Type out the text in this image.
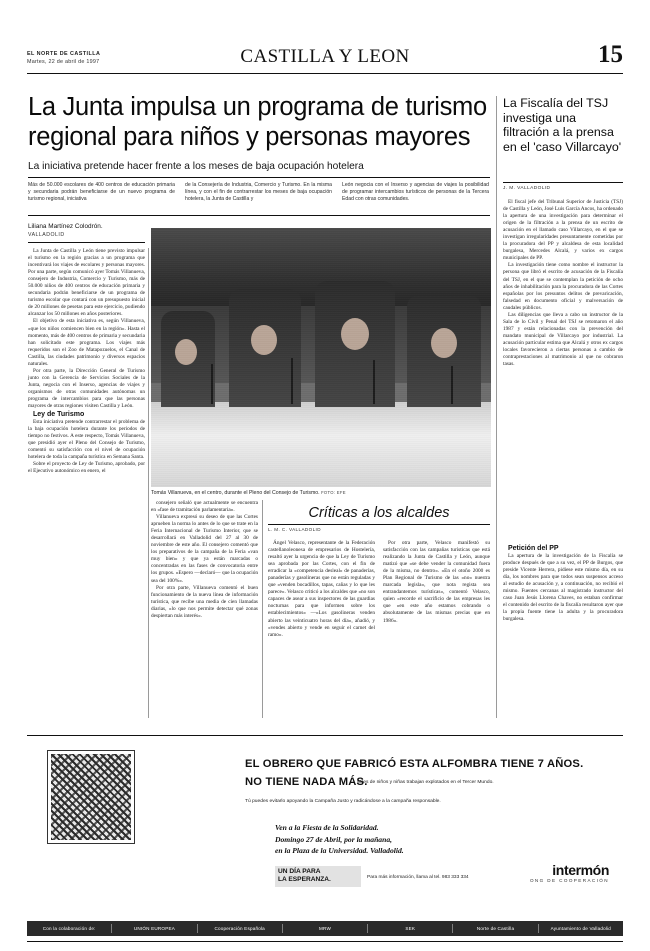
EL NORTE DE CASTILLA
Martes, 22 de abril de 1997	CASTILLA Y LEON	15
La Junta impulsa un programa de turismo regional para niños y personas mayores
La iniciativa pretende hacer frente a los meses de baja ocupación hotelera
Más de 50.000 escolares de 400 centros de educación primaria y secundaria podrán beneficiarse de un nuevo programa de turismo regional, iniciativa
de la Consejería de Industria, Comercio y Turismo. En la misma línea, y con el fin de contrarrestar los meses de baja ocupación hotelera, la Junta de Castilla y
León negocia con el Inserso y agencias de viajes la posibilidad de programar intercambios turísticos de personas de la Tercera Edad con otras comunidades.
Liliana Martínez Colodrón.
VALLADOLID

La Junta de Castilla y León tiene previsto impulsar el turismo en la región gracias a un programa que incentivará los viajes de escolares y personas mayores. Por una parte, según comunicó ayer Tomás Villanueva, consejero de Industria, Comercio y Turismo, más de 50.000 niños de 400 centros de educación primaria y secundaria podrán beneficiarse de un programa de turismo escolar que contará con un presupuesto inicial de 20 millones de pesetas para este ejercicio, pudiendo alcanzar los 50 millones en años posteriores.

El objetivo de esta iniciativa es, según Villanueva, «que los niños comiencen bien en la región». Hasta el momento, más de 400 centros de primaria y secundaria han solicitado este programa. Los viajes más requeridos son el Zoo de Matapozuelos, el Canal de Castilla, las ciudades patrimonio y diversos espacios naturales.

Por otra parte, la Dirección General de Turismo junto con la Gerencia de Servicios Sociales de la Junta, negocia con el Inserso, agencias de viajes y organismos de otras comunidades autónomas un programa de intercambios para que las personas mayores de otras regiones visiten Castilla y León.

Ley de Turismo

Esta iniciativa pretende contrarrestar el problema de la baja ocupación hotelera durante los periodos de tiempo no festivos. A este respecto, Tomás Villanueva, que presidió ayer el Pleno del Consejo de Turismo, comentó su satisfacción con el nivel de ocupación hotelera de toda la campaña turística en Semana Santa.

Sobre el proyecto de Ley de Turismo, aprobado, por el Ejecutivo autonómico en enero, el

consejero señaló que actualmente se encuentra en «fase de tramitación parlamentaria».

Villanueva expresó su deseo de que las Cortes aprueben la norma lo antes de lo que se trate en la Feria Internacional de Turismo Interior, que se desarrollará en Valladolid del 27 al 30 de noviembre de este año. El consejero comentó que los preparativos de la campaña de la Feria «van muy bien» y que ya están marcadas o concentradas en las fases de convocatoria entre los grupos. «Espero —declaró— que la ocupación sea del 100%».

Por otra parte, Villanueva comentó el buen funcionamiento de la nueva línea de información turística, que recibe una media de cien llamadas diarias, «lo que nos permite detectar qué zonas despiertan más interés».

Tomás Villanueva, en el centro, durante el Pleno del Consejo de Turismo. FOTO: EFE
Críticas a los alcaldes
L. M. C. VALLADOLID

Ángel Velasco, representante de la Federación castellanoleonesa de empresarios de Hostelería, resaltó ayer la urgencia de que la Ley de Turismo sea aprobada por las Cortes, con el fin de erradicar la «competencia desleal» de panaderías, panaderías y gasolineras que no están reguladas y que «venden bocadillos, tapas, cañas y lo que les parece». Velasco criticó a los alcaldes que «no son capaces de asear a sus inspectores de las guardias nocturnas para que informen sobre los establecimientos» —«Los gasolineras venden abierto las veinticuatro horas del día», añadió, y «vendes abierto y vende en seguir el carnet del ramo».

Por otra parte, Velasco manifestó su satisfacción con las campañas turísticas que está realizando la Junta de Castilla y León, aunque matizó que «se debe vender la comunidad fuera de la misma, no dentro». «En el otoño 2000 es Plan Regional de Turismo de las «no» nuestra marcada legisla», que nota regista sea entrandantemos turísticas», comentó Velasco, quien «recorde el sacrificio de las empresas les que «en este año estamos cobrando o absolutamente de las mismas precias que en 1986».

La Fiscalía del TSJ investiga una filtración a la prensa en el 'caso Villarcayo'
J. M. VALLADOLID

El fiscal jefe del Tribunal Superior de Justicia (TSJ) de Castilla y León, José Luis García Ancos, ha ordenado la apertura de una investigación para determinar el origen de la filtración a la prensa de un escrito de acusación en el llamado caso Villarcayo, en el que se investigan irregularidades presuntamente cometidas por la procuradora del PP y alcaldesa de esta localidad burgalesa, Mercedes Alcalá, y varios ex cargos municipales de PP.

La investigación tiene como nombre el instructor la persona que libró el escrito de acusación de la Fiscalía del TSJ, en el que se contemplan la petición de ocho años de inhabilitación para la procuradora de las Cortes españolas por los presuntos delitos de prevaricación, falsedad en documento oficial y malversación de caudales públicos.

Las diligencias que lleva a cabo un instructor de la Sala de lo Civil y Penal del TSJ se retomaron el año 1987 y están relacionadas con la prevención del mandato municipal de Villarcayo por industrial. La acusación particular estima que Alcalá y otros ex cargos locales favorecieron a ciertas personas a cambio de contraprestaciones al matrimonio al que no cobraron tasas.

Petición del PP

La apertura de la investigación de la Fiscalía se produce después de que a su vez, el PP de Burgos, que preside Vicente Herrera, pidiese este mismo día, en su día, los nombres para que todos sean suspensos acceso al estudio de acusación y, a continuación, no recibió el mismo. Fuentes cercanas al magistrado instructor del caso Juan Jesús Llorena Chaves, no estaban confirmar el contenido del escrito de la fiscalía resultaron ayer que la propia fuente tiene la adulta y la procuradora burgalesa.

EL OBRERO QUE FABRICÓ ESTA ALFOMBRA TIENE 7 AÑOS.
NO TIENE NADA MÁS.
Miles de niños y niñas trabajan explotados en el Tercer Mundo.
Tú puedes evitarlo apoyando la Campaña Justo y radicándose a la campaña responsable.
Ven a la Fiesta de la Solidaridad.
Domingo 27 de Abril, por la mañana,
en la Plaza de la Universidad. Valladolid.
UN DÍA PARA
LA ESPERANZA.	Para más información, llama al tel. 983 333 334	intermón
ONG DE COOPERACIÓN
Con la colaboración de:	UNIÓN EUROPEA	Cooperación Española	MRW	SEK	Norte de Castilla	Ayuntamiento de Valladolid
